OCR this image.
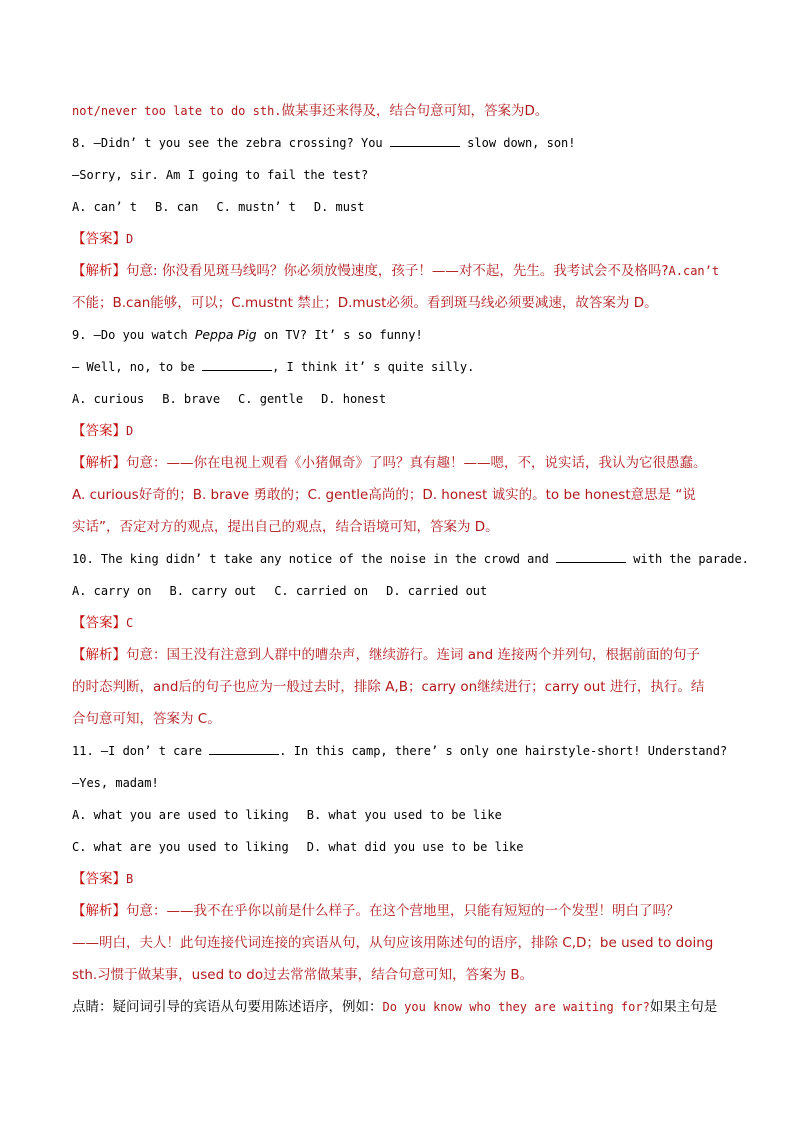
not/never too late to do sth.做某事还来得及，结合句意可知，答案为D。
8. —Didn’ t you see the zebra crossing? You	slow down, son!
—Sorry, sir. Am I going to fail the test?
A. can’ t B. can C. mustn’ t D. must
【答案】D
【解析】句意: 你没看见斑马线吗？你必须放慢速度，孩子！——对不起，先生。我考试会不及格吗?A.can’t
不能；B.can能够，可以；C.mustnt 禁止；D.must必须。看到斑马线必须要减速，故答案为 D。
9. —Do you watch Peppa Pig on TV? It’ s so funny!
— Well, no, to be	, I think it’ s quite silly.
A. curious B. brave C. gentle D. honest
【答案】D
【解析】句意：——你在电视上观看《小猪佩奇》了吗？真有趣！——嗯，不，说实话，我认为它很愚蠢。
A. curious好奇的；B. brave 勇敢的；C. gentle高尚的；D. honest 诚实的。to be honest意思是 “说
实话”，否定对方的观点，提出自己的观点，结合语境可知，答案为 D。
10. The king didn’ t take any notice of the noise in the crowd and	with the parade.
A. carry on B. carry out C. carried on D. carried out
【答案】C
【解析】句意：国王没有注意到人群中的嘈杂声，继续游行。连词 and 连接两个并列句，根据前面的句子
的时态判断，and后的句子也应为一般过去时，排除 A,B；carry on继续进行；carry out 进行，执行。结
合句意可知，答案为 C。
11. —I don’ t care	. In this camp, there’ s only one hairstyle-short! Understand?
—Yes, madam!
A. what you are used to liking B. what you used to be like
C. what are you used to liking D. what did you use to be like
【答案】B
【解析】句意：——我不在乎你以前是什么样子。在这个营地里，只能有短短的一个发型！明白了吗？
——明白，夫人！此句连接代词连接的宾语从句，从句应该用陈述句的语序，排除 C,D；be used to doing
sth.习惯于做某事，used to do过去常常做某事，结合句意可知，答案为 B。
点睛：疑问词引导的宾语从句要用陈述语序，例如：Do you know who they are waiting for?如果主句是
